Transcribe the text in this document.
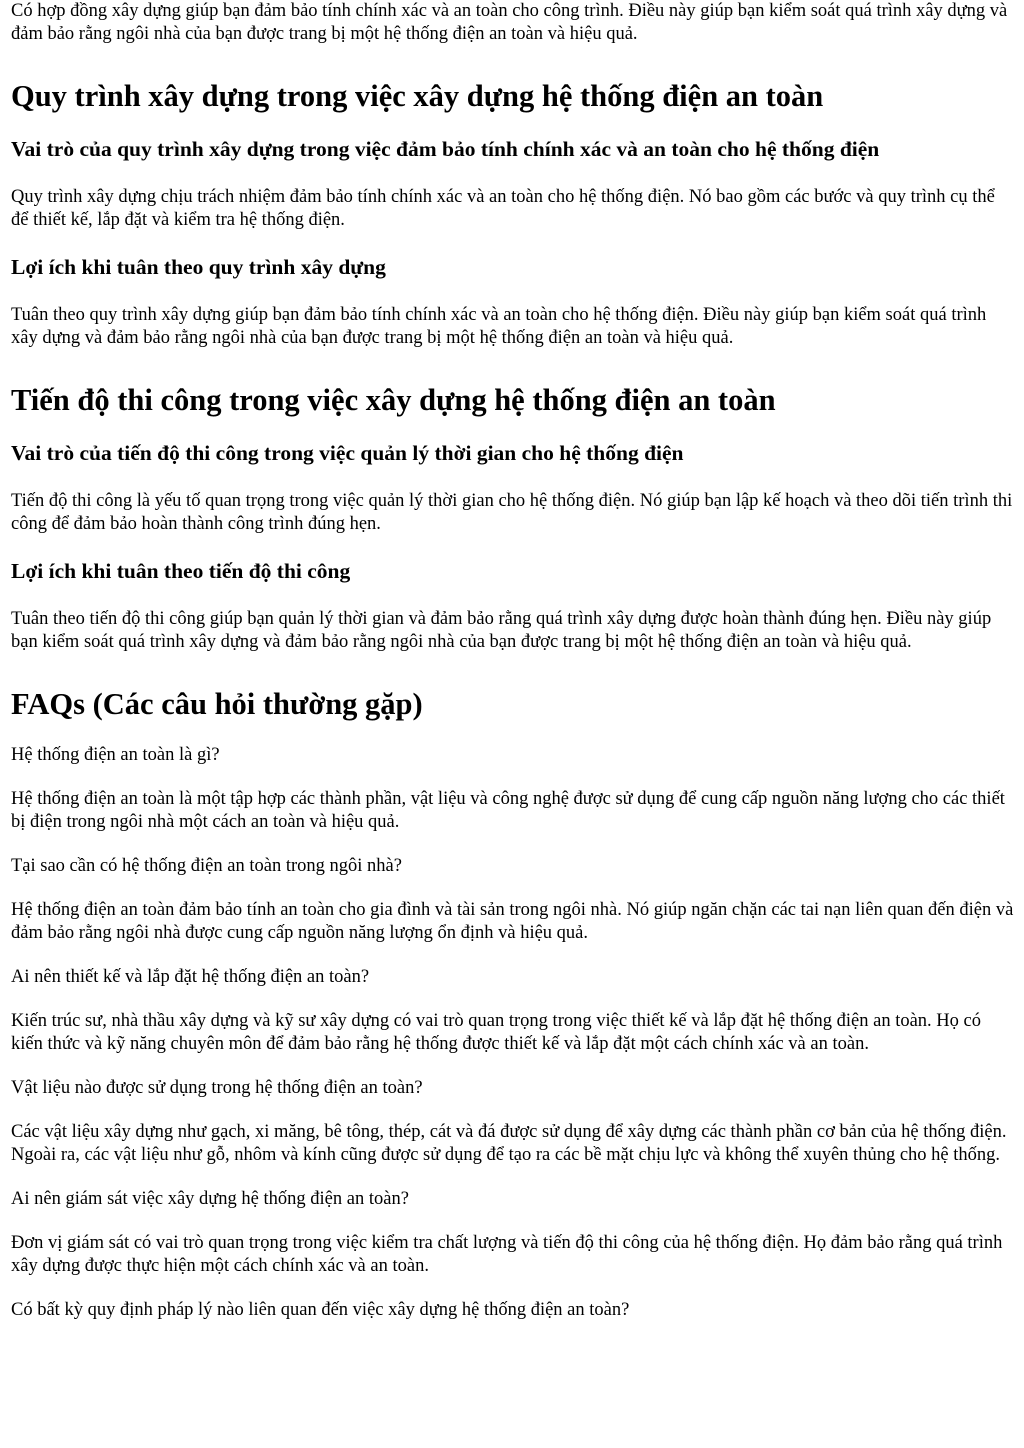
Có hợp đồng xây dựng giúp bạn đảm bảo tính chính xác và an toàn cho công trình. Điều này giúp bạn kiểm soát quá trình xây dựng và đảm bảo rằng ngôi nhà của bạn được trang bị một hệ thống điện an toàn và hiệu quả.

Quy trình xây dựng trong việc xây dựng hệ thống điện an toàn
Vai trò của quy trình xây dựng trong việc đảm bảo tính chính xác và an toàn cho hệ thống điện

Quy trình xây dựng chịu trách nhiệm đảm bảo tính chính xác và an toàn cho hệ thống điện. Nó bao gồm các bước và quy trình cụ thể để thiết kế, lắp đặt và kiểm tra hệ thống điện.

Lợi ích khi tuân theo quy trình xây dựng

Tuân theo quy trình xây dựng giúp bạn đảm bảo tính chính xác và an toàn cho hệ thống điện. Điều này giúp bạn kiểm soát quá trình xây dựng và đảm bảo rằng ngôi nhà của bạn được trang bị một hệ thống điện an toàn và hiệu quả.

Tiến độ thi công trong việc xây dựng hệ thống điện an toàn
Vai trò của tiến độ thi công trong việc quản lý thời gian cho hệ thống điện

Tiến độ thi công là yếu tố quan trọng trong việc quản lý thời gian cho hệ thống điện. Nó giúp bạn lập kế hoạch và theo dõi tiến trình thi công để đảm bảo hoàn thành công trình đúng hẹn.

Lợi ích khi tuân theo tiến độ thi công

Tuân theo tiến độ thi công giúp bạn quản lý thời gian và đảm bảo rằng quá trình xây dựng được hoàn thành đúng hẹn. Điều này giúp bạn kiểm soát quá trình xây dựng và đảm bảo rằng ngôi nhà của bạn được trang bị một hệ thống điện an toàn và hiệu quả.

FAQs (Các câu hỏi thường gặp)

Hệ thống điện an toàn là gì?

Hệ thống điện an toàn là một tập hợp các thành phần, vật liệu và công nghệ được sử dụng để cung cấp nguồn năng lượng cho các thiết bị điện trong ngôi nhà một cách an toàn và hiệu quả.

Tại sao cần có hệ thống điện an toàn trong ngôi nhà?

Hệ thống điện an toàn đảm bảo tính an toàn cho gia đình và tài sản trong ngôi nhà. Nó giúp ngăn chặn các tai nạn liên quan đến điện và đảm bảo rằng ngôi nhà được cung cấp nguồn năng lượng ổn định và hiệu quả.

Ai nên thiết kế và lắp đặt hệ thống điện an toàn?

Kiến trúc sư, nhà thầu xây dựng và kỹ sư xây dựng có vai trò quan trọng trong việc thiết kế và lắp đặt hệ thống điện an toàn. Họ có kiến thức và kỹ năng chuyên môn để đảm bảo rằng hệ thống được thiết kế và lắp đặt một cách chính xác và an toàn.

Vật liệu nào được sử dụng trong hệ thống điện an toàn?

Các vật liệu xây dựng như gạch, xi măng, bê tông, thép, cát và đá được sử dụng để xây dựng các thành phần cơ bản của hệ thống điện. Ngoài ra, các vật liệu như gỗ, nhôm và kính cũng được sử dụng để tạo ra các bề mặt chịu lực và không thể xuyên thủng cho hệ thống.

Ai nên giám sát việc xây dựng hệ thống điện an toàn?

Đơn vị giám sát có vai trò quan trọng trong việc kiểm tra chất lượng và tiến độ thi công của hệ thống điện. Họ đảm bảo rằng quá trình xây dựng được thực hiện một cách chính xác và an toàn.

Có bất kỳ quy định pháp lý nào liên quan đến việc xây dựng hệ thống điện an toàn?
